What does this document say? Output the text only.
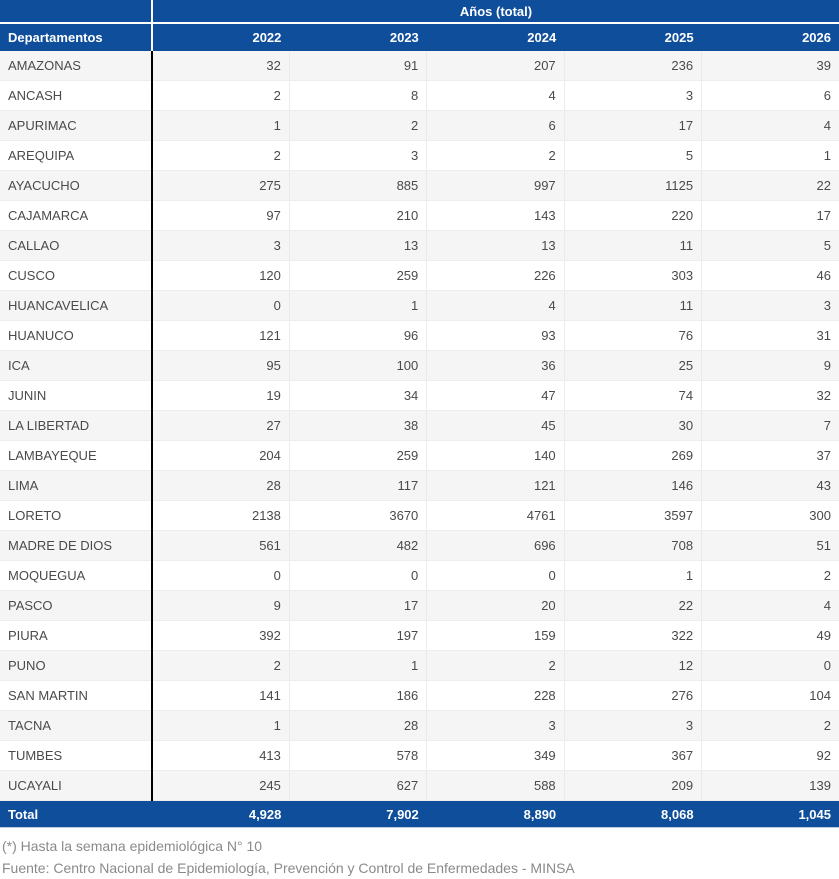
	Años (total)				
Departamentos	2022	2023	2024	2025	2026
AMAZONAS	32	91	207	236	39
ANCASH	2	8	4	3	6
APURIMAC	1	2	6	17	4
AREQUIPA	2	3	2	5	1
AYACUCHO	275	885	997	1125	22
CAJAMARCA	97	210	143	220	17
CALLAO	3	13	13	11	5
CUSCO	120	259	226	303	46
HUANCAVELICA	0	1	4	11	3
HUANUCO	121	96	93	76	31
ICA	95	100	36	25	9
JUNIN	19	34	47	74	32
LA LIBERTAD	27	38	45	30	7
LAMBAYEQUE	204	259	140	269	37
LIMA	28	117	121	146	43
LORETO	2138	3670	4761	3597	300
MADRE DE DIOS	561	482	696	708	51
MOQUEGUA	0	0	0	1	2
PASCO	9	17	20	22	4
PIURA	392	197	159	322	49
PUNO	2	1	2	12	0
SAN MARTIN	141	186	228	276	104
TACNA	1	28	3	3	2
TUMBES	413	578	349	367	92
UCAYALI	245	627	588	209	139
Total	4,928	7,902	8,890	8,068	1,045
(*) Hasta la semana epidemiológica N° 10
Fuente: Centro Nacional de Epidemiología, Prevención y Control de Enfermedades - MINSA
